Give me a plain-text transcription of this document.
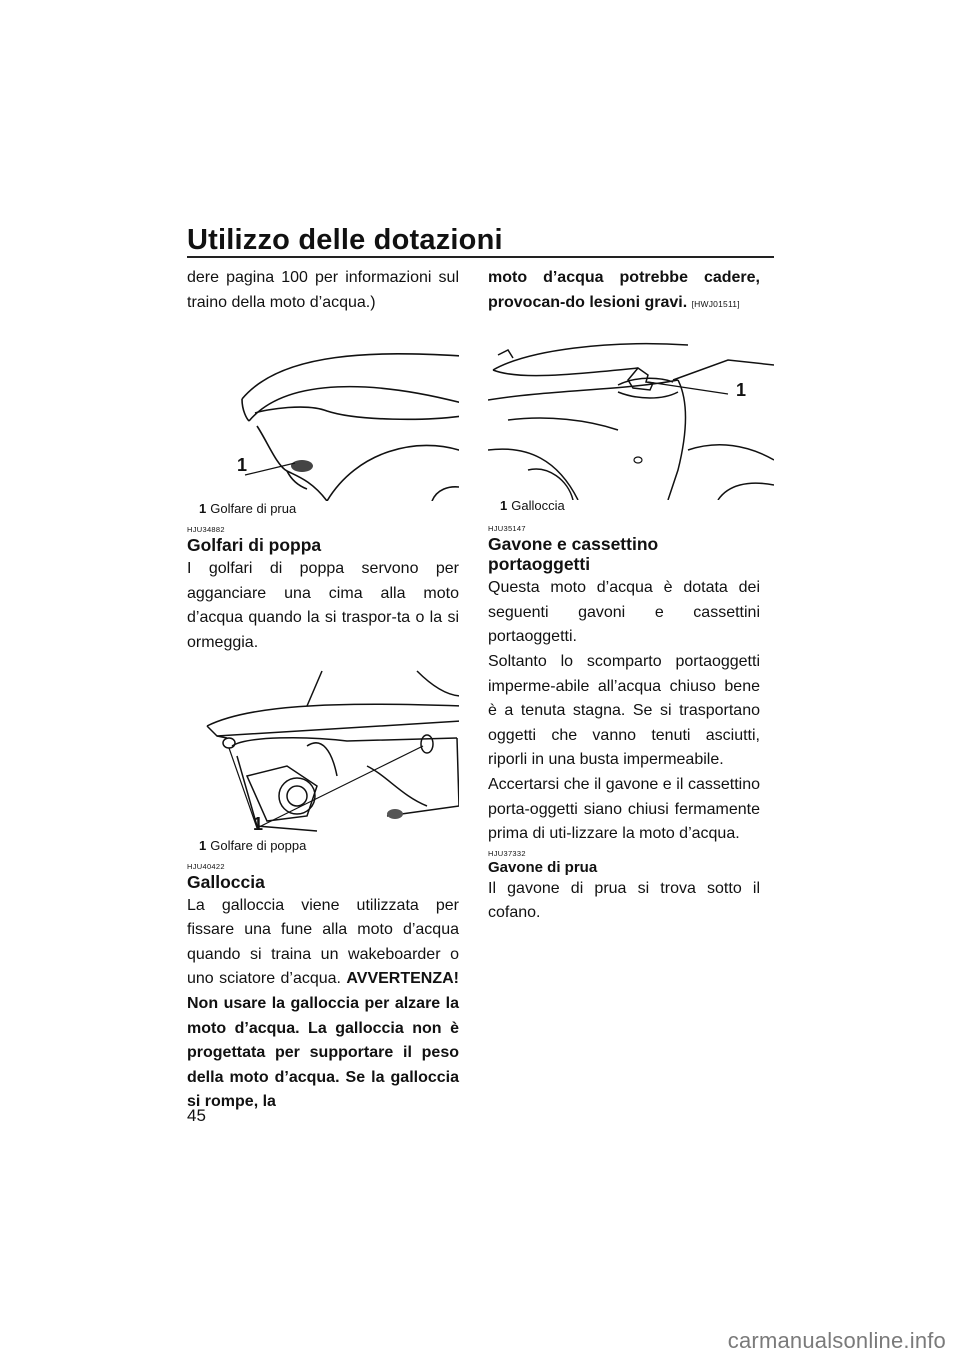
Utilizzo delle dotazioni

dere pagina 100 per informazioni sul traino della moto d’acqua.)

1
1 Golfare di prua
HJU34882
Golfari di poppa

I golfari di poppa servono per agganciare una cima alla moto d’acqua quando la si traspor-ta o la si ormeggia.

1
1 Golfare di poppa
HJU40422
Galloccia

La galloccia viene utilizzata per fissare una fune alla moto d’acqua quando si traina un wakeboarder o uno sciatore d’acqua. AVVERTENZA! Non usare la galloccia per alzare la moto d’acqua. La galloccia non è progettata per supportare il peso della moto d’acqua. Se la galloccia si rompe, la

moto d’acqua potrebbe cadere, provocan-do lesioni gravi. [HWJ01511]

1
1 Galloccia
HJU35147
Gavone e cassettino portaoggetti

Questa moto d’acqua è dotata dei seguenti gavoni e cassettini portaoggetti.

Soltanto lo scomparto portaoggetti imperme-abile all’acqua chiuso bene è a tenuta stagna. Se si trasportano oggetti che vanno tenuti asciutti, riporli in una busta impermeabile.

Accertarsi che il gavone e il cassettino porta-oggetti siano chiusi fermamente prima di uti-lizzare la moto d’acqua.

HJU37332
Gavone di prua

Il gavone di prua si trova sotto il cofano.

45
carmanualsonline.info
